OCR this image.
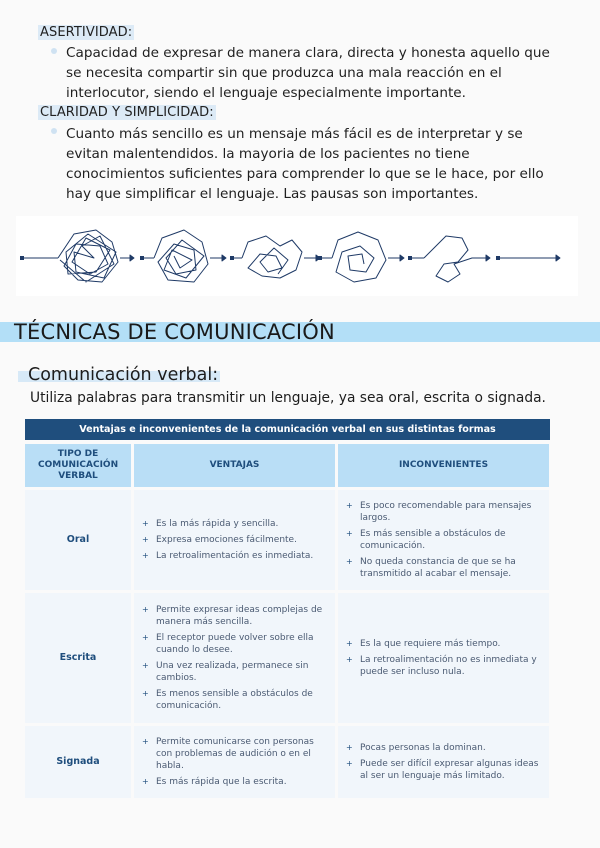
ASERTIVIDAD:
Capacidad de expresar de manera clara, directa y honesta aquello que se necesita compartir sin que produzca una mala reacción en el interlocutor, siendo el lenguaje especialmente importante.
CLARIDAD Y SIMPLICIDAD:
Cuanto más sencillo es un mensaje más fácil es de interpretar y se evitan malentendidos. la mayoria de los pacientes no tiene conocimientos suficientes para comprender lo que se le hace, por ello hay que simplificar el lenguaje. Las pausas son importantes.
TÉCNICAS DE COMUNICACIÓN
Comunicación verbal:
Utiliza palabras para transmitir un lenguaje, ya sea oral, escrita o signada.
Ventajas e inconvenientes de la comunicación verbal en sus distintas formas
TIPO DE COMUNICACIÓN VERBAL
VENTAJAS	INCONVENIENTES
Oral
+ Es la más rápida y sencilla.
+ Expresa emociones fácilmente.
+ La retroalimentación es inmediata.
+ Es poco recomendable para mensajes largos.
+ Es más sensible a obstáculos de comunicación.
+ No queda constancia de que se ha transmitido al acabar el mensaje.
Escrita
+ Permite expresar ideas complejas de manera más sencilla.
+ El receptor puede volver sobre ella cuando lo desee.
+ Una vez realizada, permanece sin cambios.
+ Es menos sensible a obstáculos de comunicación.
+ Es la que requiere más tiempo.
+ La retroalimentación no es inmediata y puede ser incluso nula.
Signada
+ Permite comunicarse con personas con problemas de audición o en el habla.
+ Es más rápida que la escrita.
+ Pocas personas la dominan.
+ Puede ser difícil expresar algunas ideas al ser un lenguaje más limitado.
